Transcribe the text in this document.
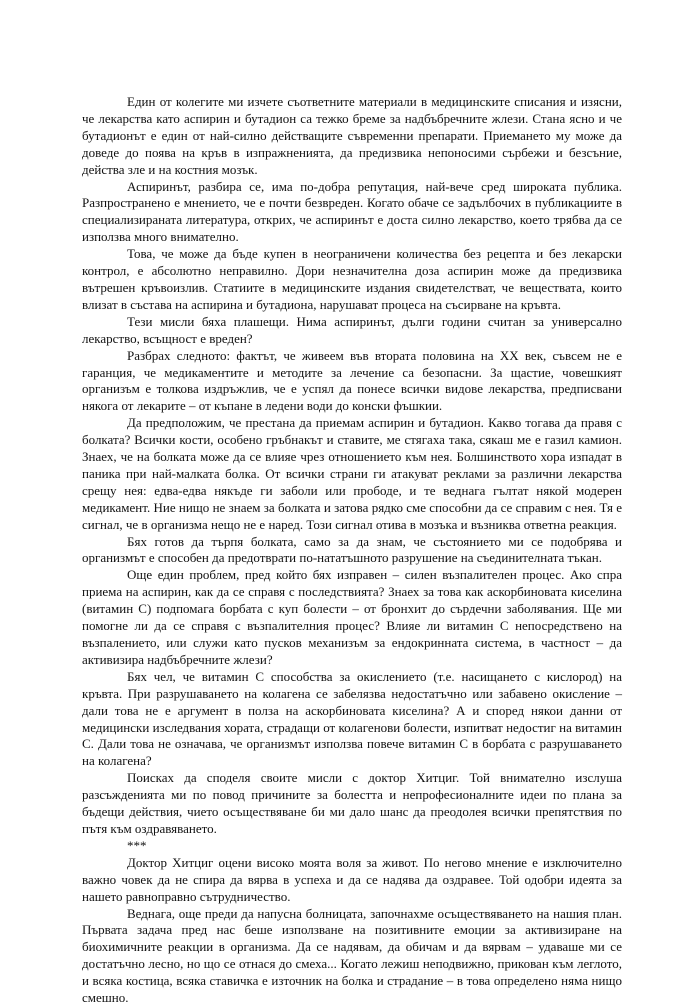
Един от колегите ми изчете съответните материали в медицинските списания и изясни, че лекарства като аспирин и бутадион са тежко бреме за надбъбречните жлези. Стана ясно и че бутадионът е един от най-силно действащите съвременни препарати. Приемането му може да доведе до поява на кръв в изпражненията, да предизвика непоносими сърбежи и безсъние, действа зле и на костния мозък.

Аспиринът, разбира се, има по-добра репутация, най-вече сред широката публика. Разпространено е мнението, че е почти безвреден. Когато обаче се задълбочих в публикациите в специализираната литература, открих, че аспиринът е доста силно лекарство, което трябва да се използва много внимателно.

Това, че може да бъде купен в неограничени количества без рецепта и без лекарски контрол, е абсолютно неправилно. Дори незначителна доза аспирин може да предизвика вътрешен кръвоизлив. Статиите в медицинските издания свидетелстват, че веществата, които влизат в състава на аспирина и бутадиона, нарушават процеса на съсирване на кръвта.

Тези мисли бяха плашещи. Нима аспиринът, дълги години считан за универсално лекарство, всъщност е вреден?

Разбрах следното: фактът, че живеем във втората половина на XX век, съвсем не е гаранция, че медикаментите и методите за лечение са безопасни. За щастие, човешкият организъм е толкова издръжлив, че е успял да понесе всички видове лекарства, предписвани някога от лекарите – от къпане в ледени води до конски фъшкии.

Да предположим, че престана да приемам аспирин и бутадион. Какво тогава да правя с болката? Всички кости, особено гръбнакът и ставите, ме стягаха така, сякаш ме е газил камион. Знаех, че на болката може да се влияе чрез отношението към нея. Болшинството хора изпадат в паника при най-малката болка. От всички страни ги атакуват реклами за различни лекарства срещу нея: едва-едва някъде ги заболи или прободе, и те веднага гълтат някой модерен медикамент. Ние нищо не знаем за болката и затова рядко сме способни да се справим с нея. Тя е сигнал, че в организма нещо не е наред. Този сигнал отива в мозъка и възниква ответна реакция.

Бях готов да търпя болката, само за да знам, че състоянието ми се подобрява и организмът е способен да предотврати по-нататъшното разрушение на съединителната тъкан.

Още един проблем, пред който бях изправен – силен възпалителен процес. Ако спра приема на аспирин, как да се справя с последствията? Знаех за това как аскорбиновата киселина (витамин С) подпомага борбата с куп болести – от бронхит до сърдечни заболявания. Щe ми помогне ли да се справя с възпалителния процес? Влияе ли витамин С непосредствено на възпалението, или служи като пусков механизъм за ендокринната система, в частност – да активизира надбъбречните жлези?

Бях чел, че витамин С способства за окислението (т.е. насищането с кислород) на кръвта. При разрушаването на колагена се забелязва недостатъчно или забавено окисление – дали това не е аргумент в полза на аскорбиновата киселина? А и според някои данни от медицински изследвания хората, страдащи от колагенови болести, изпитват недостиг на витамин С. Дали това не означава, че организмът използва повече витамин С в борбата с разрушаването на колагена?

Поисках да споделя своите мисли с доктор Хитциг. Той внимателно изслуша разсъжденията ми по повод причините за болестта и непрофесионалните идеи по плана за бъдещи действия, чието осъществяване би ми дало шанс да преодолея всички препятствия по пътя към оздравяването.

***

Доктор Хитциг оцени високо моята воля за живот. По негово мнение е изключително важно човек да не спира да вярва в успеха и да се надява да оздравее. Той одобри идеята за нашето равноправно сътрудничество.

Веднага, още преди да напусна болницата, започнахме осъществяването на нашия план. Първата задача пред нас беше използване на позитивните емоции за активизиране на биохимичните реакции в организма. Да се надявам, да обичам и да вярвам – удаваше ми се достатъчно лесно, но що се отнася до смеха... Когато лежиш неподвижно, прикован към леглото, и всяка костица, всяка ставичка е източник на болка и страдание – в това определено няма нищо смешно.
